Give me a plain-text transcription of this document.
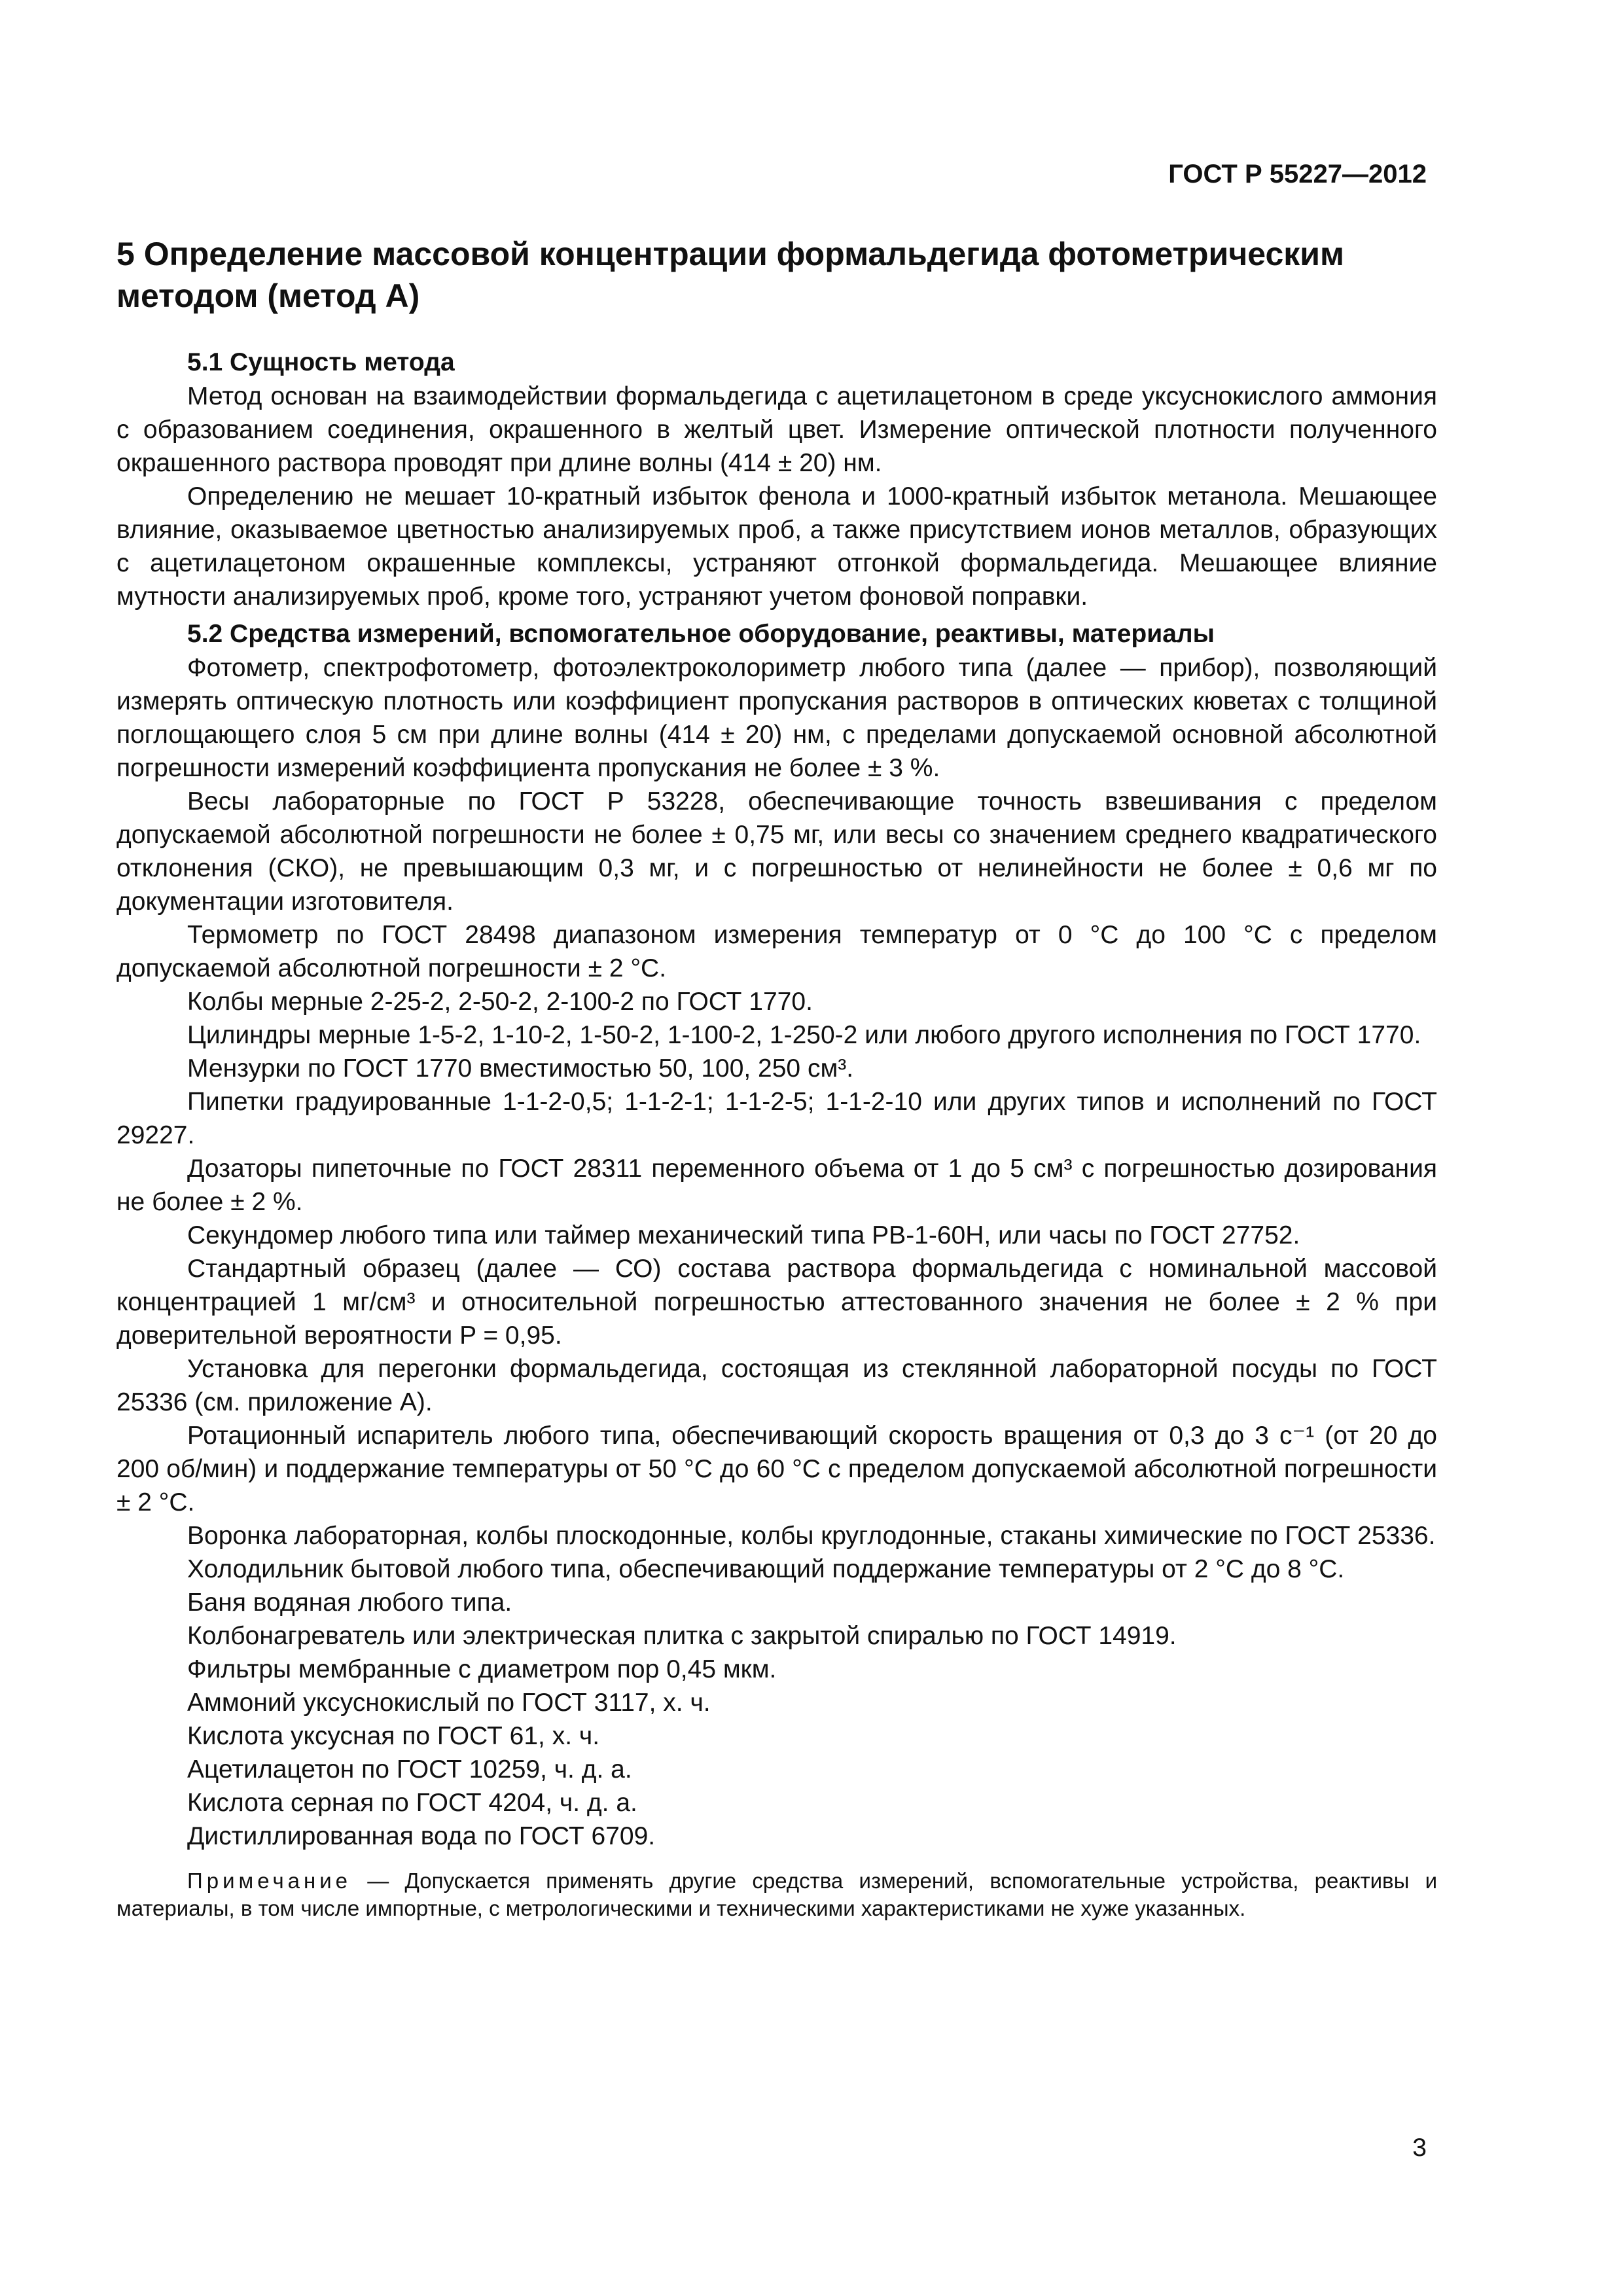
ГОСТ Р 55227—2012
5 Определение массовой концентрации формальдегида фотометрическим методом (метод А)
5.1 Сущность метода

Метод основан на взаимодействии формальдегида с ацетилацетоном в среде уксуснокислого аммония с образованием соединения, окрашенного в желтый цвет. Измерение оптической плотности полученного окрашенного раствора проводят при длине волны (414 ± 20) нм.

Определению не мешает 10-кратный избыток фенола и 1000-кратный избыток метанола. Мешающее влияние, оказываемое цветностью анализируемых проб, а также присутствием ионов металлов, образующих с ацетилацетоном окрашенные комплексы, устраняют отгонкой формальдегида. Мешающее влияние мутности анализируемых проб, кроме того, устраняют учетом фоновой поправки.

5.2 Средства измерений, вспомогательное оборудование, реактивы, материалы

Фотометр, спектрофотометр, фотоэлектроколориметр любого типа (далее — прибор), позволяющий измерять оптическую плотность или коэффициент пропускания растворов в оптических кюветах с толщиной поглощающего слоя 5 см при длине волны (414 ± 20) нм, с пределами допускаемой основной абсолютной погрешности измерений коэффициента пропускания не более ± 3 %.

Весы лабораторные по ГОСТ Р 53228, обеспечивающие точность взвешивания с пределом допускаемой абсолютной погрешности не более ± 0,75 мг, или весы со значением среднего квадратического отклонения (СКО), не превышающим 0,3 мг, и с погрешностью от нелинейности не более ± 0,6 мг по документации изготовителя.

Термометр по ГОСТ 28498 диапазоном измерения температур от 0 °С до 100 °С с пределом допускаемой абсолютной погрешности ± 2 °С.

Колбы мерные 2-25-2, 2-50-2, 2-100-2 по ГОСТ 1770.

Цилиндры мерные 1-5-2, 1-10-2, 1-50-2, 1-100-2, 1-250-2 или любого другого исполнения по ГОСТ 1770.

Мензурки по ГОСТ 1770 вместимостью 50, 100, 250 см³.

Пипетки градуированные 1-1-2-0,5; 1-1-2-1; 1-1-2-5; 1-1-2-10 или других типов и исполнений по ГОСТ 29227.

Дозаторы пипеточные по ГОСТ 28311 переменного объема от 1 до 5 см³ с погрешностью дозирования не более ± 2 %.

Секундомер любого типа или таймер механический типа РВ-1-60Н, или часы по ГОСТ 27752.

Стандартный образец (далее — СО) состава раствора формальдегида с номинальной массовой концентрацией 1 мг/см³ и относительной погрешностью аттестованного значения не более ± 2 % при доверительной вероятности P = 0,95.

Установка для перегонки формальдегида, состоящая из стеклянной лабораторной посуды по ГОСТ 25336 (см. приложение А).

Ротационный испаритель любого типа, обеспечивающий скорость вращения от 0,3 до 3 с⁻¹ (от 20 до 200 об/мин) и поддержание температуры от 50 °С до 60 °С с пределом допускаемой абсолютной погрешности ± 2 °С.

Воронка лабораторная, колбы плоскодонные, колбы круглодонные, стаканы химические по ГОСТ 25336.

Холодильник бытовой любого типа, обеспечивающий поддержание температуры от 2 °С до 8 °С.

Баня водяная любого типа.

Колбонагреватель или электрическая плитка с закрытой спиралью по ГОСТ 14919.

Фильтры мембранные с диаметром пор 0,45 мкм.

Аммоний уксуснокислый по ГОСТ 3117, х. ч.

Кислота уксусная по ГОСТ 61, х. ч.

Ацетилацетон по ГОСТ 10259, ч. д. а.

Кислота серная по ГОСТ 4204, ч. д. а.

Дистиллированная вода по ГОСТ 6709.

Примечание — Допускается применять другие средства измерений, вспомогательные устройства, реактивы и материалы, в том числе импортные, с метрологическими и техническими характеристиками не хуже указанных.

3
